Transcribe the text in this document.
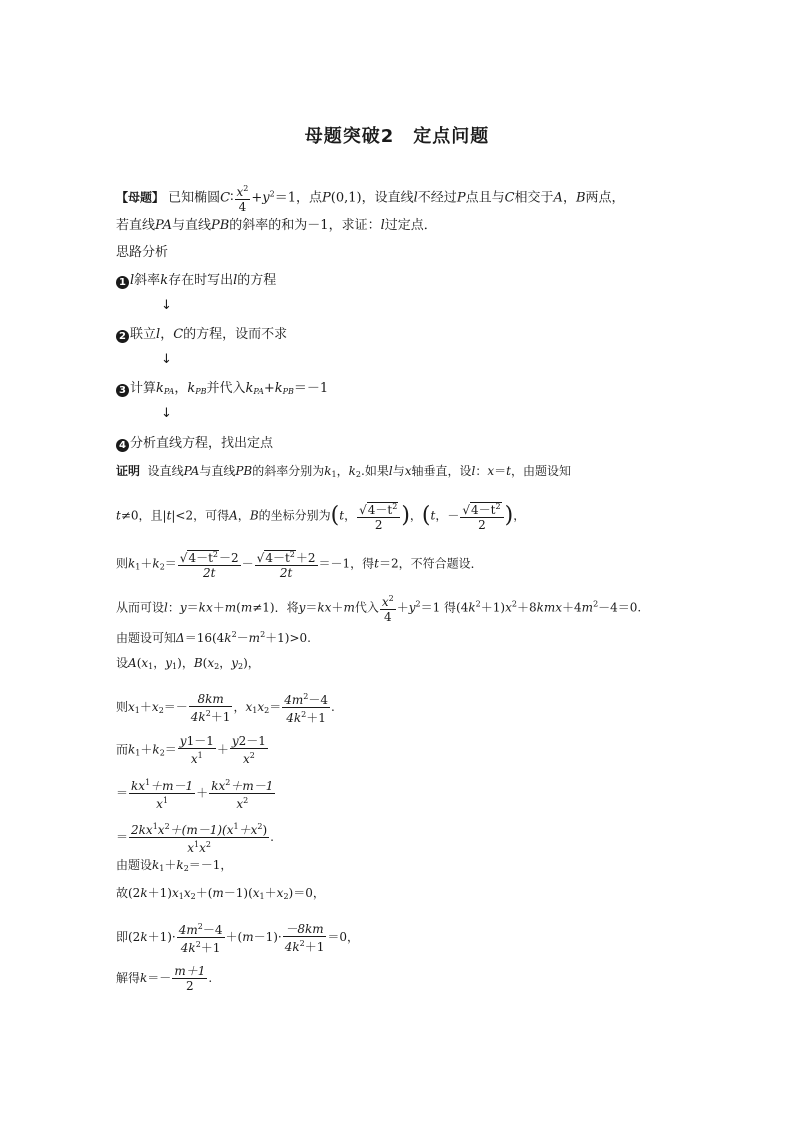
母题突破2　定点问题
【母题】 已知椭圆C∶ $\frac{x^2}{4} +y^2=1$，点P(0,1)，设直线l不经过P点且与C相交于A，B两点，
若直线PA与直线PB的斜率的和为－1，求证：l过定点．
思路分析
1 l斜率k存在时写出l的方程
↓
2 联立l，C的方程，设而不求
↓
3 计算$k_{PA}$，$k_{PB}$并代入$k_{PA}+k_{PB}=-1$
↓
4 分析直线方程，找出定点
证明 设直线PA与直线PB的斜率分别为$k_1$，$k_2$.如果l与x轴垂直，设l：x＝t，由题设知
t≠0，且|t|<2，可得A，B的坐标分别为(t， $\frac{√4-t^2}{2}$ )，(t，－ $\frac{√4-t^2}{2}$ )，
则$k_1+k_2= \frac{√4-t^2-2}{2t} - \frac{√4-t^2+2}{2t} =-1$，得t＝2，不符合题设．
从而可设l：y＝kx＋m(m≠1)．将y＝kx＋m代入 $\frac{x^2}{4} +y^2=1$ 得$(4k^2+1)x^2+8kmx+4m^2-4=0$.
由题设可知$\Delta=16(4k^2-m^2+1)>0$.
设$A(x_1$，$y_1$)，$B(x_2$，$y_2$)，
则$x_1+x_2=- \frac{8km}{4k^2+1}$ ，$x_1x_2= \frac{4m^2-4}{4k^2+1}$ .
而$k_1+k_2= \frac{y1-1}{x^1} + \frac{y2-1}{x^2}$
＝ $\frac{kx^1+m-1}{x^1} + \frac{kx^2+m-1}{x^2}$
＝ $\frac{2kx^1x^2+(m-1)(x^1+x^2)}{x^1x^2}$ .
由题设$k_1+k_2=-1$，
故$(2k+1)x_1x_2+(m-1)(x_1+x_2)=0$，
即$(2k+1)\cdot \frac{4m^2-4}{4k^2+1} +(m-1)\cdot \frac{-8km}{4k^2+1} =0$，
解得$k=- \frac{m+1}{2}$ .
